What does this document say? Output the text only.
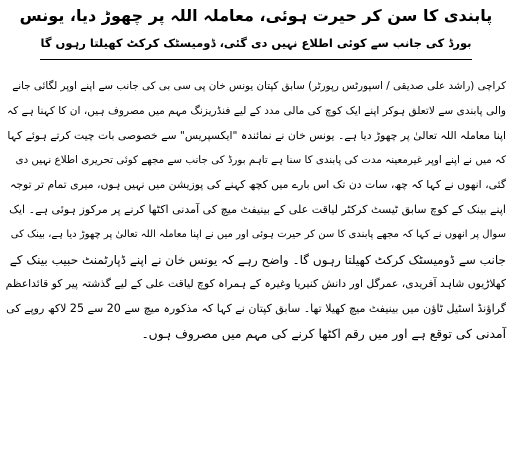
پابندی کا سن کر حیرت ہوئی، معاملہ اللہ پر چھوڑ دیا، یونس
بورڈ کی جانب سے کوئی اطلاع نہیں دی گئی، ڈومیسٹک کرکٹ کھیلتا رہوں گا

کراچی (راشد علی صدیقی / اسپورٹس رپورٹر) سابق کپتان یونس خان پی سی بی کی جانب سے اپنے اوپر لگائی جانے

والی پابندی سے لاتعلق ہوکر اپنے ایک کوچ کی مالی مدد کے لیے فنڈریزنگ مہم میں مصروف ہیں، ان کا کہنا ہے کہ

اپنا معاملہ اللہ تعالیٰ پر چھوڑ دیا ہے۔ یونس خان نے نمائندہ "ایکسپریس" سے خصوصی بات چیت کرتے ہوئے کہا

کہ میں نے اپنے اوپر غیرمعینہ مدت کی پابندی کا سنا ہے تاہم بورڈ کی جانب سے مجھے کوئی تحریری اطلاع نہیں دی

گئی، انھوں نے کہا کہ چھ، سات دن تک اس بارے میں کچھ کہنے کی پوزیشن میں نہیں ہوں، میری تمام تر توجہ

اپنے بینک کے کوچ سابق ٹیسٹ کرکٹر لیاقت علی کے بینیفٹ میچ کی آمدنی اکٹھا کرنے پر مرکوز ہوئی ہے۔ ایک

سوال پر انھوں نے کہا کہ مجھے پابندی کا سن کر حیرت ہوئی اور میں نے اپنا معاملہ اللہ تعالیٰ پر چھوڑ دیا ہے، بینک کی

جانب سے ڈومیسٹک کرکٹ کھیلتا رہوں گا۔ واضح رہے کہ یونس خان نے اپنے ڈپارٹمنٹ حبیب بینک کے

کھلاڑیوں شاہد آفریدی، عمرگل اور دانش کنیریا وغیرہ کے ہمراہ کوچ لیاقت علی کے لیے گذشتہ پیر کو قائداعظم

گراؤنڈ اسٹیل ٹاؤن میں بینیفٹ میچ کھیلا تھا۔ سابق کپتان نے کہا کہ مذکورہ میچ سے 20 سے 25 لاکھ روپے کی

آمدنی کی توقع ہے اور میں رقم اکٹھا کرنے کی مہم میں مصروف ہوں۔
